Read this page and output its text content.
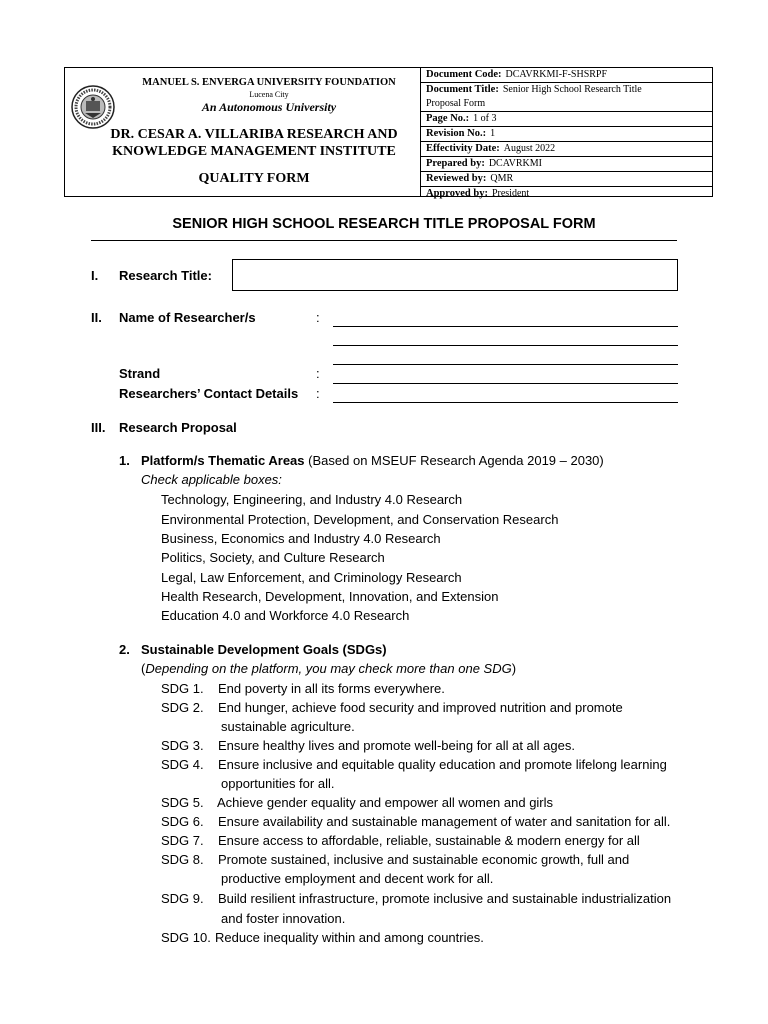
MANUEL S. ENVERGA UNIVERSITY FOUNDATION
Lucena City
An Autonomous University
DR. CESAR A. VILLARIBA RESEARCH AND
KNOWLEDGE MANAGEMENT INSTITUTE
QUALITY FORM
Document Code: DCAVRKMI-F-SHSRPF
Document Title: Senior High School Research Title
Proposal Form
Page No.: 1 of 3
Revision No.: 1
Effectivity Date: August 2022
Prepared by: DCAVRKMI
Reviewed by: QMR
Approved by: President
SENIOR HIGH SCHOOL RESEARCH TITLE PROPOSAL FORM
I. Research Title:
II. Name of Researcher/s	:
Strand	:
Researchers’ Contact Details :
III. Research Proposal
1. Platform/s Thematic Areas (Based on MSEUF Research Agenda 2019 – 2030)
Check applicable boxes:
Technology, Engineering, and Industry 4.0 Research
Environmental Protection, Development, and Conservation Research
Business, Economics and Industry 4.0 Research
Politics, Society, and Culture Research
Legal, Law Enforcement, and Criminology Research
Health Research, Development, Innovation, and Extension
Education 4.0 and Workforce 4.0 Research
2. Sustainable Development Goals (SDGs)
(Depending on the platform, you may check more than one SDG)
SDG 1. End poverty in all its forms everywhere.
SDG 2. End hunger, achieve food security and improved nutrition and promote
sustainable agriculture.
SDG 3. Ensure healthy lives and promote well-being for all at all ages.
SDG 4. Ensure inclusive and equitable quality education and promote lifelong learning
opportunities for all.
SDG 5. Achieve gender equality and empower all women and girls
SDG 6. Ensure availability and sustainable management of water and sanitation for all.
SDG 7. Ensure access to affordable, reliable, sustainable & modern energy for all
SDG 8. Promote sustained, inclusive and sustainable economic growth, full and
productive employment and decent work for all.
SDG 9. Build resilient infrastructure, promote inclusive and sustainable industrialization
and foster innovation.
SDG 10. Reduce inequality within and among countries.
